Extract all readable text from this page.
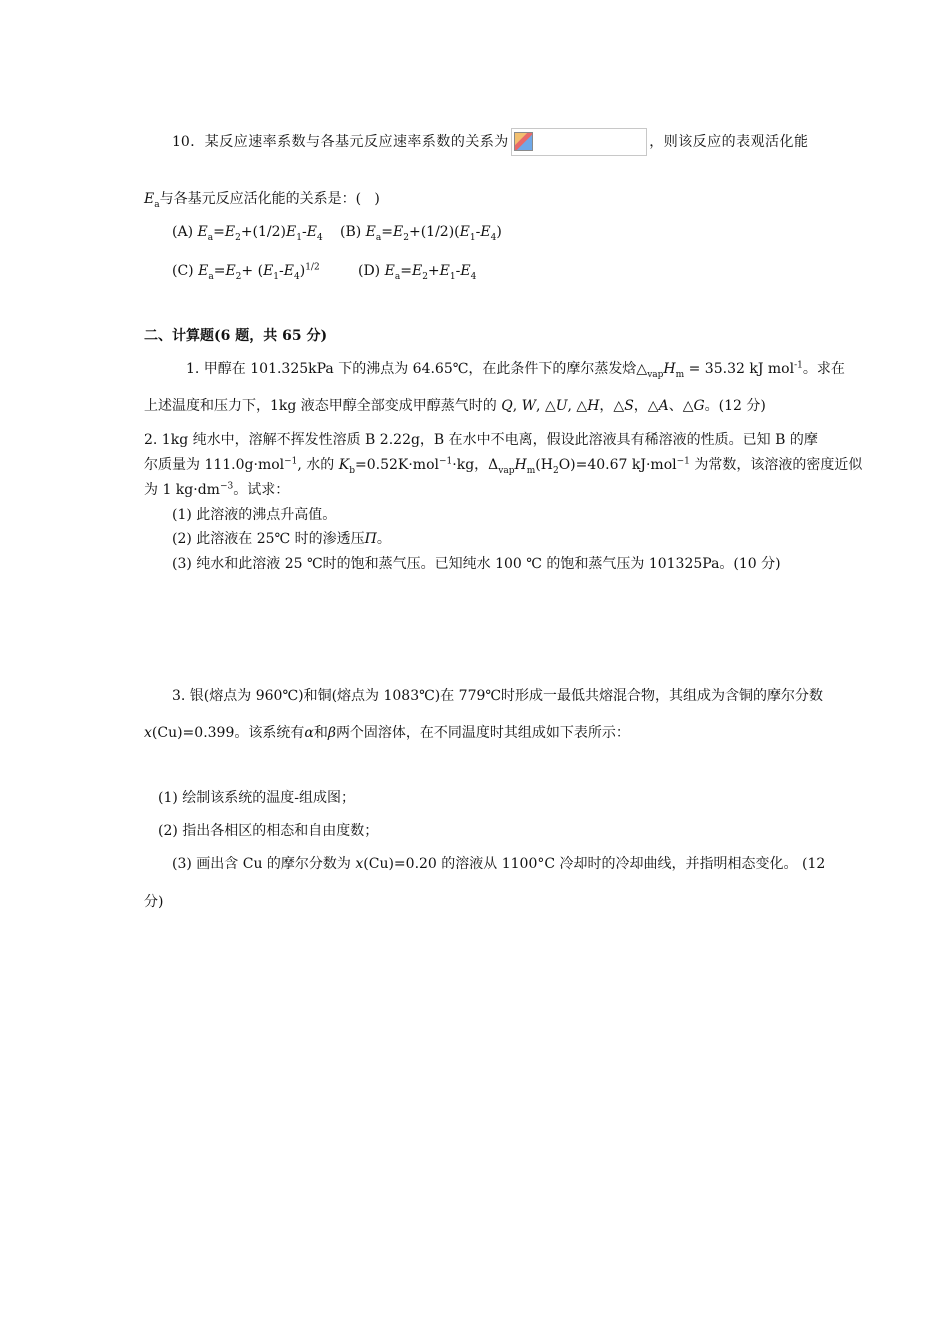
10．某反应速率系数与各基元反应速率系数的关系为	，则该反应的表观活化能
$E_a$与各基元反应活化能的关系是：(   )
(A) $E_a=E_2+(1/2)E_1-E_4$ (B) $E_a=E_2+(1/2)(E_1-E_4)$
(C) $E_a=E_2+ (E_1-E_4)^{1/2}$	(D) $E_a=E_2+E_1-E_4$
二、计算题(6 题，共 65 分)
1. 甲醇在 101.325kPa 下的沸点为 64.65℃，在此条件下的摩尔蒸发焓$\triangle_{vap}H_m = 35.32$ kJ mol$^{-1}$。求在
上述温度和压力下，1kg 液态甲醇全部变成甲醇蒸气时的 Q, W, △U, △H，△S，△A、△G。(12 分)
2. 1kg 纯水中，溶解不挥发性溶质 B 2.22g，B 在水中不电离，假设此溶液具有稀溶液的性质。已知 B 的摩
尔质量为 111.0g·mol$^{-1}$, 水的 $K_b=0.52K\cdot mol^{-1}\cdot kg$，$\Delta_{vap}H_m(H_2O)=40.67$ kJ·mol$^{-1}$ 为常数，该溶液的密度近似
为 1 $kg\cdot dm^{-3}$。试求：
(1) 此溶液的沸点升高值。
(2) 此溶液在 25℃ 时的渗透压Π。
(3) 纯水和此溶液 25 ℃时的饱和蒸气压。已知纯水 100 ℃ 的饱和蒸气压为 101325Pa。(10 分)
3. 银(熔点为 960℃)和铜(熔点为 1083℃)在 779℃时形成一最低共熔混合物，其组成为含铜的摩尔分数
x(Cu)=0.399。该系统有α和β两个固溶体，在不同温度时其组成如下表所示：
(1) 绘制该系统的温度-组成图；
(2) 指出各相区的相态和自由度数；
(3) 画出含 Cu 的摩尔分数为 x(Cu)=0.20 的溶液从 1100°C 冷却时的冷却曲线，并指明相态变化。 (12
分)
